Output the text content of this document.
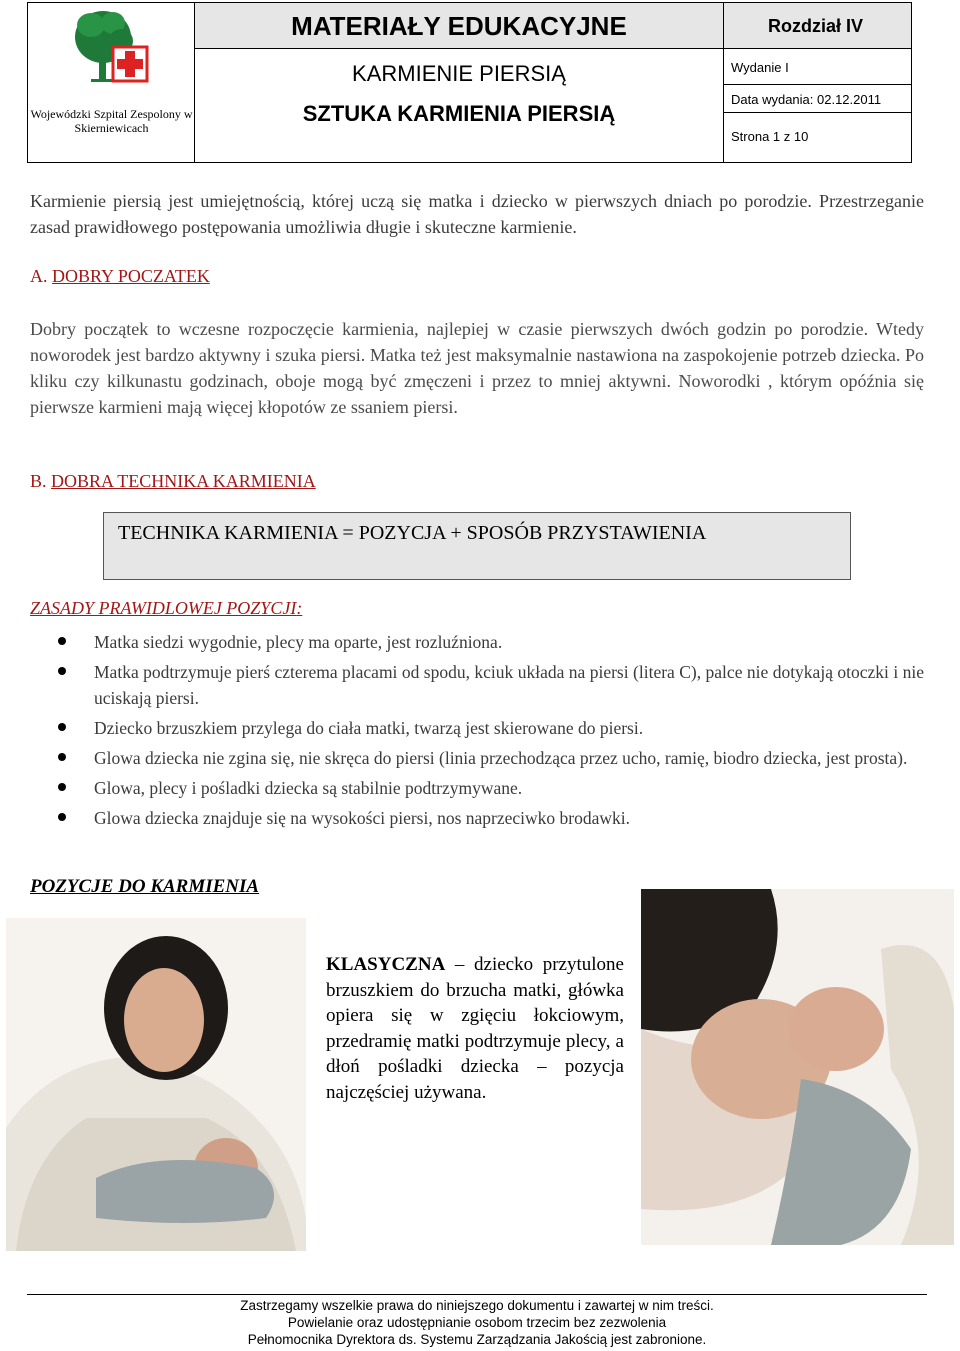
Wojewódzki Szpital Zespolony w Skierniewicach
MATERIAŁY EDUKACYJNE
KARMIENIE PIERSIĄ
SZTUKA KARMIENIA PIERSIĄ
Rozdział IV
Wydanie I
Data wydania: 02.12.2011
Strona 1 z 10

Karmienie piersią jest umiejętnością, której uczą się matka i dziecko w pierwszych dniach po porodzie. Przestrzeganie zasad prawidłowego postępowania umożliwia długie i skuteczne karmienie.

A. DOBRY POCZATEK

Dobry początek to wczesne rozpoczęcie karmienia, najlepiej w czasie pierwszych dwóch godzin po porodzie. Wtedy noworodek jest bardzo aktywny i szuka piersi. Matka też jest maksymalnie nastawiona na zaspokojenie potrzeb dziecka. Po kliku czy kilkunastu godzinach, oboje mogą być zmęczeni i przez to mniej aktywni. Noworodki , którym opóźnia się pierwsze karmieni mają więcej kłopotów ze ssaniem piersi.

B. DOBRA TECHNIKA KARMIENIA
TECHNIKA KARMIENIA = POZYCJA + SPOSÓB PRZYSTAWIENIA
ZASADY PRAWIDLOWEJ POZYCJI:
Matka siedzi wygodnie, plecy ma oparte, jest rozluźniona.
Matka podtrzymuje pierś czterema placami od spodu, kciuk układa na piersi (litera C), palce nie dotykają otoczki i nie uciskają piersi.
Dziecko brzuszkiem przylega do ciała matki, twarzą jest skierowane do piersi.
Glowa dziecka nie zgina się, nie skręca do piersi (linia przechodząca przez ucho, ramię, biodro dziecka, jest prosta).
Glowa, plecy i pośladki dziecka są stabilnie podtrzymywane.
Glowa dziecka znajduje się na wysokości piersi, nos naprzeciwko brodawki.
POZYCJE DO KARMIENIA
KLASYCZNA – dziecko przytulone brzuszkiem do brzucha matki, główka opiera się w zgięciu łokciowym, przedramię matki podtrzymuje plecy, a dłoń pośladki dziecka – pozycja najczęściej używana.
Zastrzegamy wszelkie prawa do niniejszego dokumentu i zawartej w nim treści.
Powielanie oraz udostępnianie osobom trzecim bez zezwolenia
Pełnomocnika Dyrektora ds. Systemu Zarządzania Jakością jest zabronione.
